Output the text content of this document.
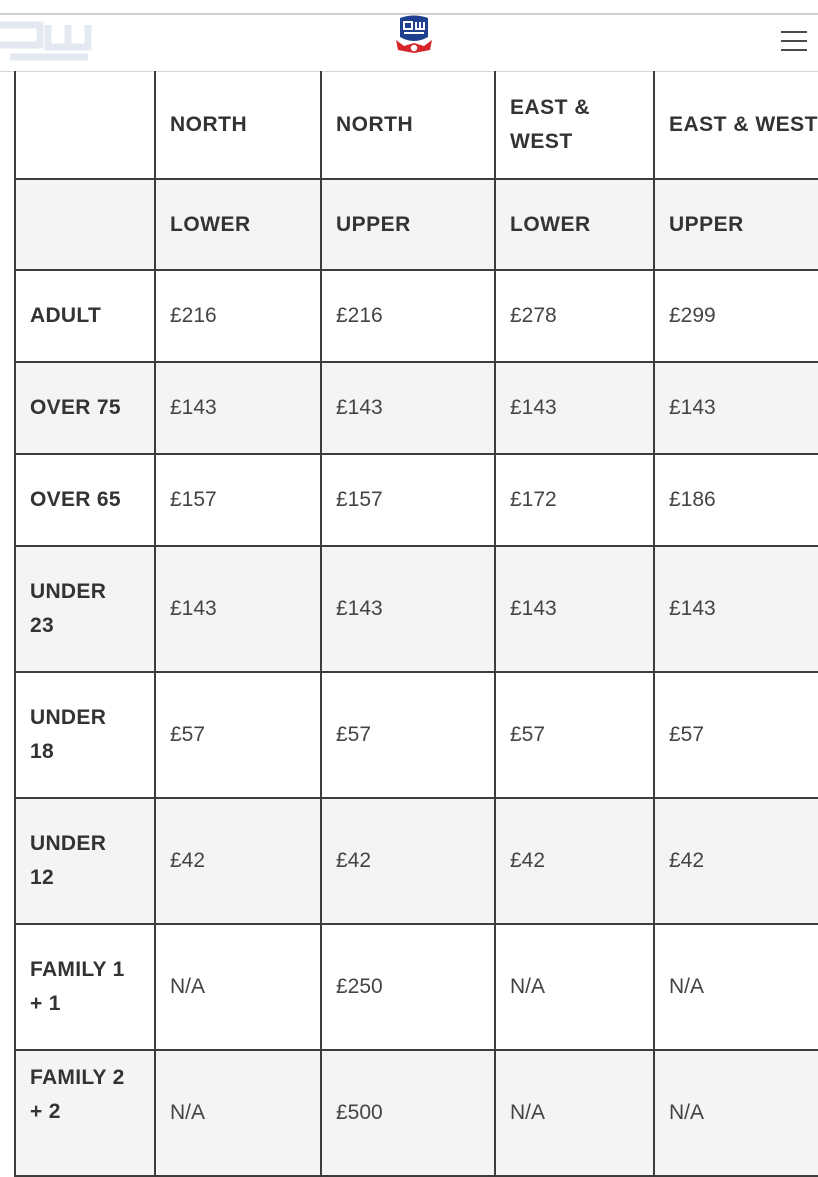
	NORTH	NORTH	EAST & WEST	EAST & WEST
	LOWER	UPPER	LOWER	UPPER
ADULT	£216	£216	£278	£299
OVER 75	£143	£143	£143	£143
OVER 65	£157	£157	£172	£186
UNDER 23	£143	£143	£143	£143
UNDER 18	£57	£57	£57	£57
UNDER 12	£42	£42	£42	£42
FAMILY 1 + 1	N/A	£250	N/A	N/A
FAMILY 2 + 2	N/A	£500	N/A	N/A
